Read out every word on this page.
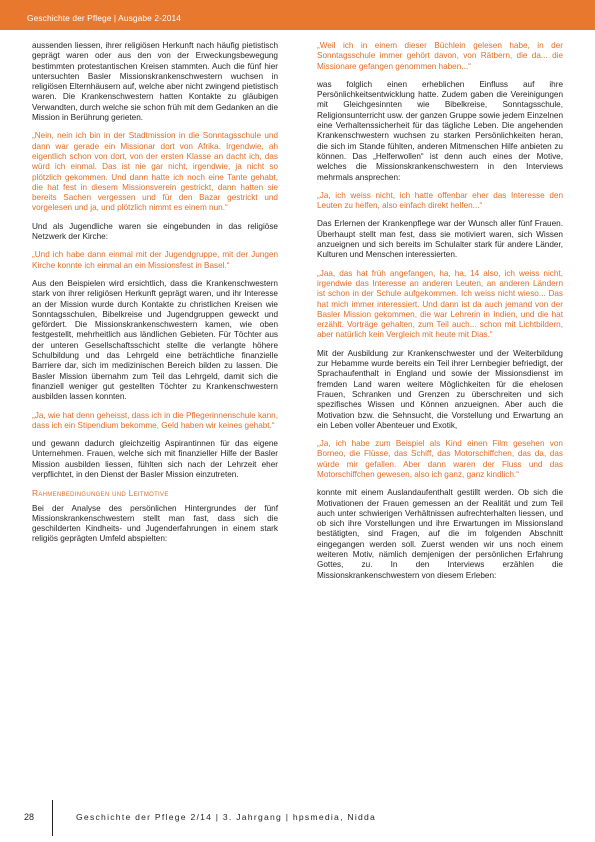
Geschichte der Pflege | Ausgabe 2-2014
aussenden liessen, ihrer religiösen Herkunft nach häufig pietistisch geprägt waren oder aus den von der Erweckungsbewegung bestimmten protestantischen Kreisen stammten. Auch die fünf hier untersuchten Basler Missionskrankenschwestern wuchsen in religiösen Elternhäusern auf, welche aber nicht zwingend pietistisch waren. Die Krankenschwestern hatten Kontakte zu gläubigen Verwandten, durch welche sie schon früh mit dem Gedanken an die Mission in Berührung gerieten.
„Nein, nein ich bin in der Stadtmission in die Sonntagsschule und dann war gerade ein Missionar dort von Afrika. Irgendwie, ah eigentlich schon von dort, von der ersten Klasse an dacht ich, das würd ich einmal. Das ist nie gar nicht, irgendwie, ja nicht so plötzlich gekommen. Und dann hatte ich noch eine Tante gehabt, die hat fest in diesem Missionsverein gestrickt, dann hatten sie bereits Sachen vergessen und für den Bazar gestrickt und vorgelesen und ja, und plötzlich nimmt es einem nun.“
Und als Jugendliche waren sie eingebunden in das religiöse Netzwerk der Kirche:
„Und ich habe dann einmal mit der Jugendgruppe, mit der Jungen Kirche konnte ich einmal an ein Missionsfest in Basel.“
Aus den Beispielen wird ersichtlich, dass die Krankenschwestern stark von ihrer religiösen Herkunft geprägt waren, und ihr Interesse an der Mission wurde durch Kontakte zu christlichen Kreisen wie Sonntagsschulen, Bibelkreise und Jugendgruppen geweckt und gefördert. Die Missionskrankenschwestern kamen, wie oben festgestellt, mehrheitlich aus ländlichen Gebieten. Für Töchter aus der unteren Gesellschaftsschicht stellte die verlangte höhere Schulbildung und das Lehrgeld eine beträchtliche finanzielle Barriere dar, sich im medizinischen Bereich bilden zu lassen. Die Basler Mission übernahm zum Teil das Lehrgeld, damit sich die finanziell weniger gut gestellten Töchter zu Krankenschwestern ausbilden lassen konnten.
„Ja, wie hat denn geheisst, dass ich in die Pflegerinnenschule kann, dass ich ein Stipendium bekomme, Geld haben wir keines gehabt.“
und gewann dadurch gleichzeitig Aspirantinnen für das eigene Unternehmen. Frauen, welche sich mit finanzieller Hilfe der Basler Mission ausbilden liessen, fühlten sich nach der Lehrzeit eher verpflichtet, in den Dienst der Basler Mission einzutreten.
Rahmenbedingungen und Leitmotive
Bei der Analyse des persönlichen Hintergrundes der fünf Missionskrankenschwestern stellt man fast, dass sich die geschilderten Kindheits- und Jugenderfahrungen in einem stark religiös geprägten Umfeld abspielten:
„Weil ich in einem dieser Büchlein gelesen habe, in der Sonntagsschule immer gehört davon, von Rätbern, die da... die Missionare gefangen genommen haben...“
was folglich einen erheblichen Einfluss auf ihre Persönlichkeitsentwicklung hatte. Zudem gaben die Vereinigungen mit Gleichgesinnten wie Bibelkreise, Sonntagsschule, Religionsunterricht usw. der ganzen Gruppe sowie jedem Einzelnen eine Verhaltenssicherheit für das tägliche Leben. Die angehenden Krankenschwestern wuchsen zu starken Persönlichkeiten heran, die sich im Stande fühlten, anderen Mitmenschen Hilfe anbieten zu können. Das „Helferwollen“ ist denn auch eines der Motive, welches die Missionskrankenschwestern in den Interviews mehrmals ansprechen:
„Ja, ich weiss nicht, ich hatte offenbar eher das Interesse den Leuten zu helfen, also einfach direkt helfen...“
Das Erlernen der Krankenpflege war der Wunsch aller fünf Frauen. Überhaupt stellt man fest, dass sie motiviert waren, sich Wissen anzueignen und sich bereits im Schulalter stark für andere Länder, Kulturen und Menschen interessierten.
„Jaa, das hat früh angefangen, ha, ha, 14 also, ich weiss nicht, irgendwie das Interesse an anderen Leuten, an anderen Ländern ist schon in der Schule aufgekommen. Ich weiss nicht wieso... Das hat mich immer interessiert. Und dann ist da auch jemand von der Basler Mission gekommen, die war Lehrerin in Indien, und die hat erzählt. Vorträge gehalten, zum Teil auch... schon mit Lichtbildern, aber natürlich kein Vergleich mit heute mit Dias.“
Mit der Ausbildung zur Krankenschwester und der Weiterbildung zur Hebamme wurde bereits ein Teil ihrer Lernbegier befriedigt, der Sprachaufenthalt in England und sowie der Missionsdienst im fremden Land waren weitere Möglichkeiten für die ehelosen Frauen, Schranken und Grenzen zu überschreiten und sich spezifisches Wissen und Können anzueignen. Aber auch die Motivation bzw. die Sehnsucht, die Vorstellung und Erwartung an ein Leben voller Abenteuer und Exotik,
„Ja, ich habe zum Beispiel als Kind einen Film gesehen von Borneo, die Flüsse, das Schiff, das Motorschiffchen, das da, das würde mir gefallen. Aber dann waren der Fluss und das Motorschiffchen gewesen, also ich ganz, ganz kindlich.“
konnte mit einem Auslandaufenthalt gestillt werden. Ob sich die Motivationen der Frauen gemessen an der Realität und zum Teil auch unter schwierigen Verhältnissen aufrechterhalten liessen, und ob sich ihre Vorstellungen und ihre Erwartungen im Missionsland bestätigten, sind Fragen, auf die im folgenden Abschnitt eingegangen werden soll. Zuerst wenden wir uns noch einem weiteren Motiv, nämlich demjenigen der persönlichen Erfahrung Gottes, zu. In den Interviews erzählen die Missionskrankenschwestern von diesem Erleben:
28	Geschichte der Pflege 2/14 | 3. Jahrgang | hpsmedia, Nidda
